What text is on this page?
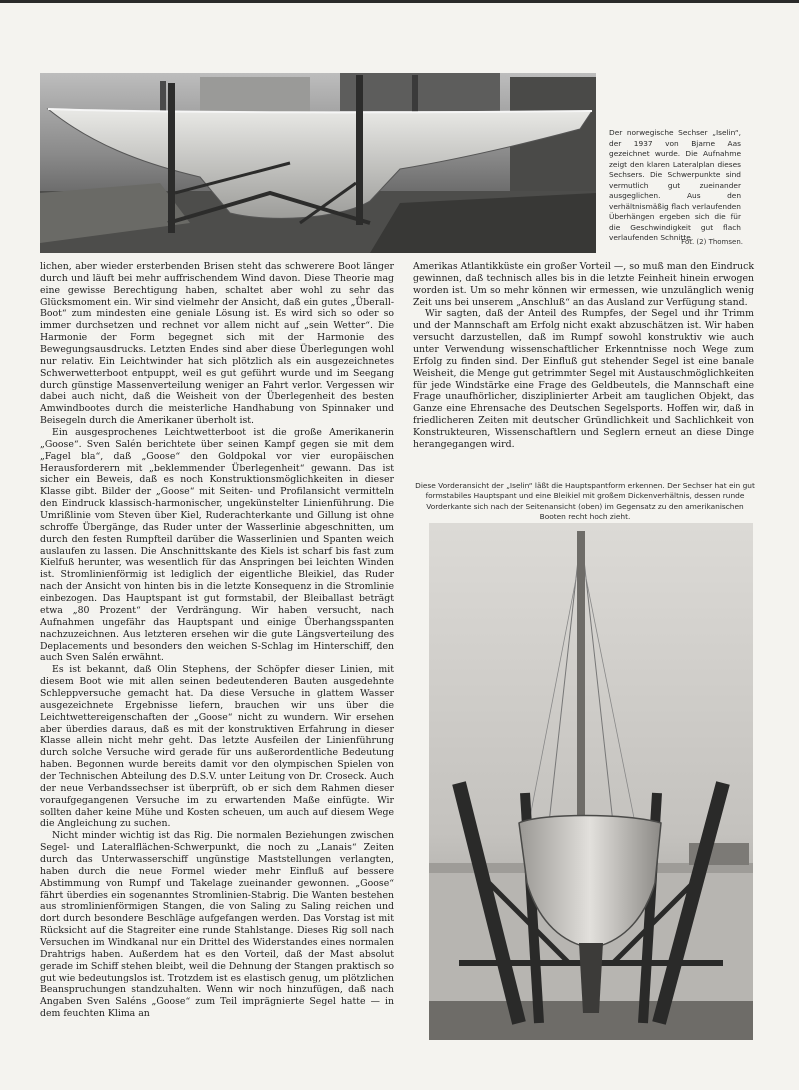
Der norwegische Sechser „Iselin“, der 1937 von Bjarne Aas gezeichnet wurde. Die Aufnahme zeigt den klaren Lateralplan dieses Sechsers. Die Schwerpunkte sind vermutlich gut zueinander ausgeglichen. Aus den verhältnismäßig flach verlaufenden Überhängen ergeben sich die für die Geschwindigkeit gut flach verlaufenden Schnitte.
Fot. (2) Thomsen.

lichen, aber wieder ersterbenden Brisen steht das schwerere Boot länger durch und läuft bei mehr auffrischendem Wind davon. Diese Theorie mag eine gewisse Berechtigung haben, schaltet aber wohl zu sehr das Glücksmoment ein. Wir sind vielmehr der Ansicht, daß ein gutes „Überall-Boot“ zum mindesten eine geniale Lösung ist. Es wird sich so oder so immer durchsetzen und rechnet vor allem nicht auf „sein Wetter“. Die Harmonie der Form begegnet sich mit der Harmonie des Bewegungsausdrucks. Letzten Endes sind aber diese Überlegungen wohl nur relativ. Ein Leichtwinder hat sich plötzlich als ein ausgezeichnetes Schwerwetterboot entpuppt, weil es gut geführt wurde und im Seegang durch günstige Massenverteilung weniger an Fahrt verlor. Vergessen wir dabei auch nicht, daß die Weisheit von der Überlegenheit des besten Amwindbootes durch die meisterliche Handhabung von Spinnaker und Beisegeln durch die Amerikaner überholt ist.

Ein ausgesprochenes Leichtwetterboot ist die große Amerikanerin „Goose“. Sven Salén berichtete über seinen Kampf gegen sie mit dem „Fagel bla“, daß „Goose“ den Goldpokal vor vier europäischen Herausforderern mit „beklemmender Überlegenheit“ gewann. Das ist sicher ein Beweis, daß es noch Konstruktionsmöglichkeiten in dieser Klasse gibt. Bilder der „Goose“ mit Seiten- und Profilansicht vermitteln den Eindruck klassisch-harmonischer, ungekünstelter Linienführung. Die Umrißlinie vom Steven über Kiel, Ruderachterkante und Gillung ist ohne schroffe Übergänge, das Ruder unter der Wasserlinie abgeschnitten, um durch den festen Rumpfteil darüber die Wasserlinien und Spanten weich auslaufen zu lassen. Die Anschnittskante des Kiels ist scharf bis fast zum Kielfuß herunter, was wesentlich für das Anspringen bei leichten Winden ist. Stromlinienförmig ist lediglich der eigentliche Bleikiel, das Ruder nach der Ansicht von hinten bis in die letzte Konsequenz in die Stromlinie einbezogen. Das Hauptspant ist gut formstabil, der Bleiballast beträgt etwa „80 Prozent“ der Verdrängung. Wir haben versucht, nach Aufnahmen ungefähr das Hauptspant und einige Überhangsspanten nachzuzeichnen. Aus letzteren ersehen wir die gute Längsverteilung des Deplacements und besonders den weichen S-Schlag im Hinterschiff, den auch Sven Salén erwähnt.

Es ist bekannt, daß Olin Stephens, der Schöpfer dieser Linien, mit diesem Boot wie mit allen seinen bedeutenderen Bauten ausgedehnte Schleppversuche gemacht hat. Da diese Versuche in glattem Wasser ausgezeichnete Ergebnisse liefern, brauchen wir uns über die Leichtwettereigenschaften der „Goose“ nicht zu wundern. Wir ersehen aber überdies daraus, daß es mit der konstruktiven Erfahrung in dieser Klasse allein nicht mehr geht. Das letzte Ausfeilen der Linienführung durch solche Versuche wird gerade für uns außerordentliche Bedeutung haben. Begonnen wurde bereits damit vor den olympischen Spielen von der Technischen Abteilung des D.S.V. unter Leitung von Dr. Croseck. Auch der neue Verbandssechser ist überprüft, ob er sich dem Rahmen dieser voraufgegangenen Versuche im zu erwartenden Maße einfügte. Wir sollten daher keine Mühe und Kosten scheuen, um auch auf diesem Wege die Angleichung zu suchen.

Nicht minder wichtig ist das Rig. Die normalen Beziehungen zwischen Segel- und Lateralflächen-Schwerpunkt, die noch zu „Lanais“ Zeiten durch das Unterwasserschiff ungünstige Maststellungen verlangten, haben durch die neue Formel wieder mehr Einfluß auf bessere Abstimmung von Rumpf und Takelage zueinander gewonnen. „Goose“ fährt überdies ein sogenanntes Stromlinien-Stabrig. Die Wanten bestehen aus stromlinienförmigen Stangen, die von Saling zu Saling reichen und dort durch besondere Beschläge aufgefangen werden. Das Vorstag ist mit Rücksicht auf die Stagreiter eine runde Stahlstange. Dieses Rig soll nach Versuchen im Windkanal nur ein Drittel des Widerstandes eines normalen Drahtrigs haben. Außerdem hat es den Vorteil, daß der Mast absolut gerade im Schiff stehen bleibt, weil die Dehnung der Stangen praktisch so gut wie bedeutungslos ist. Trotzdem ist es elastisch genug, um plötzlichen Beanspruchungen standzuhalten. Wenn wir noch hinzufügen, daß nach Angaben Sven Saléns „Goose“ zum Teil imprägnierte Segel hatte — in dem feuchten Klima an

Amerikas Atlantikküste ein großer Vorteil —, so muß man den Eindruck gewinnen, daß technisch alles bis in die letzte Feinheit hinein erwogen worden ist. Um so mehr können wir ermessen, wie unzulänglich wenig Zeit uns bei unserem „Anschluß“ an das Ausland zur Verfügung stand.

Wir sagten, daß der Anteil des Rumpfes, der Segel und ihr Trimm und der Mannschaft am Erfolg nicht exakt abzuschätzen ist. Wir haben versucht darzustellen, daß im Rumpf sowohl konstruktiv wie auch unter Verwendung wissenschaftlicher Erkenntnisse noch Wege zum Erfolg zu finden sind. Der Einfluß gut stehender Segel ist eine banale Weisheit, die Menge gut getrimmter Segel mit Austauschmöglichkeiten für jede Windstärke eine Frage des Geldbeutels, die Mannschaft eine Frage unaufhörlicher, disziplinierter Arbeit am tauglichen Objekt, das Ganze eine Ehrensache des Deutschen Segelsports. Hoffen wir, daß in friedlicheren Zeiten mit deutscher Gründlichkeit und Sachlichkeit von Konstrukteuren, Wissenschaftlern und Seglern erneut an diese Dinge herangegangen wird.

Diese Vorderansicht der „Iselin“ läßt die Hauptspantform erkennen. Der Sechser hat ein gut formstabiles Hauptspant und eine Bleikiel mit großem Dickenverhältnis, dessen runde Vorderkante sich nach der Seitenansicht (oben) im Gegensatz zu den amerikanischen Booten recht hoch zieht.
